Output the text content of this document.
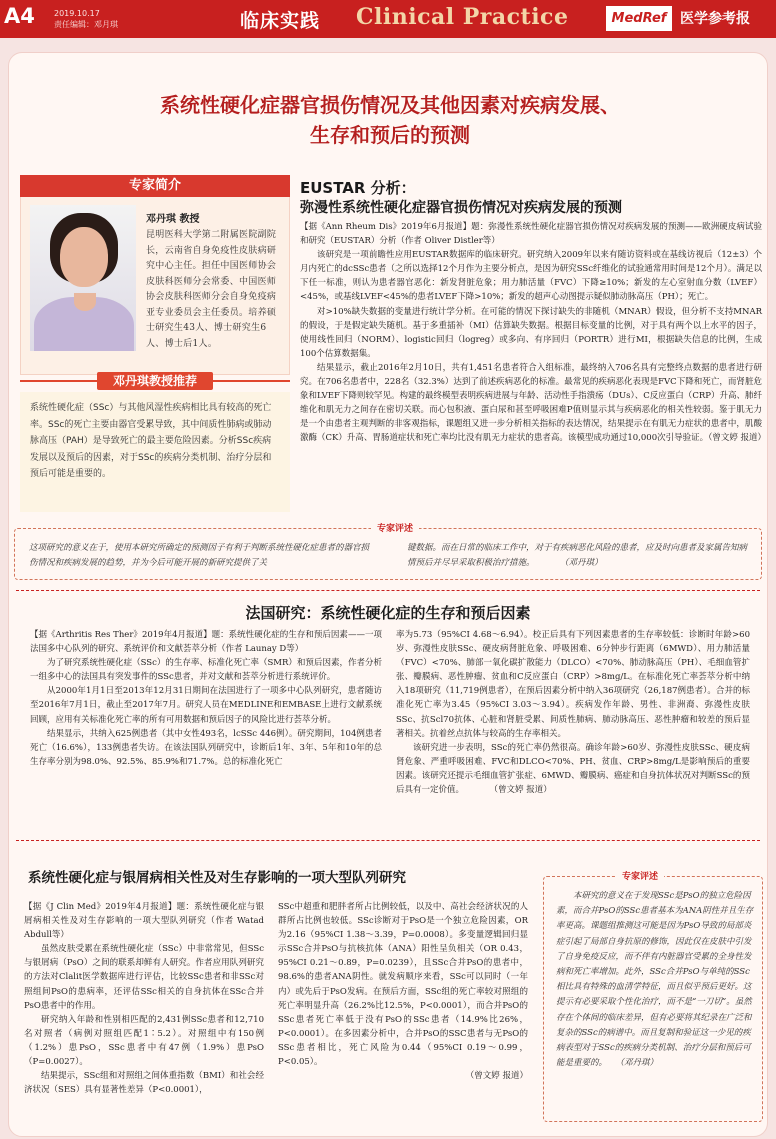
A4 2019.10.17
责任编辑：邓月琪	临床实践 Clinical Practice	MedRef 医学参考报
系统性硬化症器官损伤情况及其他因素对疾病发展、
生存和预后的预测
专家简介
邓丹琪 教授
昆明医科大学第二附属医院副院长，云南省自身免疫性皮肤病研究中心主任。担任中国医师协会皮肤科医师分会常委、中国医师协会皮肤科医师分会自身免疫病亚专业委员会主任委员。培养硕士研究生43人、博士研究生6人、博士后1人。
邓丹琪教授推荐
系统性硬化症（SSc）与其他风湿性疾病相比具有较高的死亡率。SSc的死亡主要由器官受累导致，其中间质性肺病或肺动脉高压（PAH）是导致死亡的最主要危险因素。分析SSc疾病发展以及预后的因素，对于SSc的疾病分类机制、治疗分层和预后可能是重要的。
EUSTAR 分析：
弥漫性系统性硬化症器官损伤情况对疾病发展的预测

【据《Ann Rheum Dis》2019年6月报道】题：弥漫性系统性硬化症器官损伤情况对疾病发展的预测——欧洲硬皮病试验和研究（EUSTAR）分析（作者 Oliver Distler等）

该研究是一项前瞻性应用EUSTAR数据库的临床研究。研究纳入2009年以来有随访资料或在基线访视后（12±3）个月内死亡的dcSSc患者（之所以选择12个月作为主要分析点，是因为研究SSc纤维化的试验通常用时间是12个月）。满足以下任一标准，则认为患者器官恶化：新发肾脏危象；用力肺活量（FVC）下降≥10%；新发的左心室射血分数（LVEF）<45%，或基线LVEF<45%的患者LVEF下降>10%；新发的超声心动图提示疑似肺动脉高压（PH）；死亡。

对>10%缺失数据的变量进行统计学分析。在可能的情况下探讨缺失的非随机（MNAR）假设，但分析不支持MNAR的假设，于是假定缺失随机。基于多重插补（MI）估算缺失数据。根据目标变量的比例，对于具有两个以上水平的因子，使用线性回归（NORM）、logistic回归（logreg）或多向、有序回归（PORTR）进行MI，根据缺失信息的比例，生成100个估算数据集。

结果显示，截止2016年2月10日，共有1,451名患者符合入组标准，最终纳入706名具有完整终点数据的患者进行研究。在706名患者中，228名（32.3%）达到了前述疾病恶化的标准。最常见的疾病恶化表现是FVC下降和死亡，而肾脏危象和LVEF下降则较罕见。构建的最终模型表明疾病进展与年龄、活动性手指溃疡（DUs）、C反应蛋白（CRP）升高、肺纤维化和肌无力之间存在密切关联。而心包积液、蛋白尿和甚至呼吸困难P值则显示其与疾病恶化的相关性较弱。鉴于肌无力是一个由患者主观判断的非客观指标，课题组又进一步分析相关指标的表达情况，结果提示在有肌无力症状的患者中，肌酸激酶（CK）升高、胃肠道症状和死亡率均比没有肌无力症状的患者高。该模型成功通过10,000次引导验证。（曾文婷 报道）

专家评述
这项研究的意义在于，使用本研究所确定的预测因子有利于判断系统性硬化症患者的器官损伤情况和疾病发展的趋势，并为今后可能开展的新研究提供了关
键数据。而在日常的临床工作中，对于有疾病恶化风险的患者，应及时向患者及家属告知病情预后并尽早采取积极治疗措施。　　　　（邓丹琪）
法国研究：系统性硬化症的生存和预后因素

【据《Arthritis Res Ther》2019年4月报道】题：系统性硬化症的生存和预后因素——一项法国多中心队列的研究、系统评价和文献荟萃分析（作者 Launay D等）

为了研究系统性硬化症（SSc）的生存率、标准化死亡率（SMR）和预后因素，作者分析一组多中心的法国具有突发事件的SSc患者，并对文献和荟萃分析进行系统评价。

从2000年1月1日至2013年12月31日期间在法国进行了一项多中心队列研究，患者随访至2016年7月1日，截止至2017年7月。研究人员在MEDLINE和EMBASE上进行文献系统回顾，应用有关标准化死亡率的所有可用数据和预后因子的风险比进行荟萃分析。

结果显示，共纳入625例患者（其中女性493名，lcSSc 446例）。研究期间，104例患者死亡（16.6%），133例患者失访。在该法国队列研究中，诊断后1年、3年、5年和10年的总生存率分别为98.0%、92.5%、85.9%和71.7%。总的标准化死亡

率为5.73（95%CI 4.68～6.94）。校正后具有下列因素患者的生存率较低：诊断时年龄>60岁、弥漫性皮肤SSc、硬皮病肾脏危象、呼吸困难、6分钟步行距离（6MWD）、用力肺活量（FVC）<70%、肺部一氧化碳扩散能力（DLCO）<70%、肺动脉高压（PH）、毛细血管扩张、瓣膜病、恶性肿瘤、贫血和C反应蛋白（CRP）>8mg/L。在标准化死亡率荟萃分析中纳入18项研究（11,719例患者），在预后因素分析中纳入36项研究（26,187例患者）。合并的标准化死亡率为3.45（95%CI 3.03～3.94）。疾病发作年龄、男性、非洲裔、弥漫性皮肤SSc、抗Scl70抗体、心脏和肾脏受累、间质性肺病、肺动脉高压、恶性肿瘤和较差的预后显著相关。抗着丝点抗体与较高的生存率相关。

该研究进一步表明，SSc的死亡率仍然很高。确诊年龄>60岁、弥漫性皮肤SSc、硬皮病肾危象、严重呼吸困难、FVC和DLCO<70%、PH、贫血、CRP>8mg/L是影响预后的重要因素。该研究还提示毛细血管扩张症、6MWD、瓣膜病、癌症和自身抗体状况对判断SSc的预后具有一定价值。　　　　（曾文婷 报道）

系统性硬化症与银屑病相关性及对生存影响的一项大型队列研究

【据《J Clin Med》2019年4月报道】题：系统性硬化症与银屑病相关性及对生存影响的一项大型队列研究（作者 Watad Abdull等）

虽然皮肤受累在系统性硬化症（SSc）中非常常见，但SSc与银屑病（PsO）之间的联系却鲜有人研究。作者应用队列研究的方法对Clalit医学数据库进行评估，比较SSc患者和非SSc对照组间PsO的患病率，还评估SSc相关的自身抗体在SSc合并PsO患者中的作用。

研究纳入年龄和性别相匹配的2,431例SSc患者和12,710名对照者（病例对照组匹配1∶5.2）。对照组中有150例（1.2%）患PsO，SSc患者中有47例（1.9%）患PsO（P=0.0027）。

结果提示，SSc组和对照组之间体重指数（BMI）和社会经济状况（SES）具有显著性差异（P<0.0001），

SSc中超重和肥胖者所占比例较低，以及中、高社会经济状况的人群所占比例也较低。SSc诊断对于PsO是一个独立危险因素，OR为2.16（95%CI 1.38～3.39，P=0.0008）。多变量逻辑回归显示SSc合并PsO与抗核抗体（ANA）阳性呈负相关（OR 0.43，95%CI 0.21～0.89，P=0.0239），且SSc合并PsO的患者中，98.6%的患者ANA阴性。就发病顺序来看，SSc可以同时（一年内）或先后于PsO发病。在预后方面，SSc组的死亡率较对照组的死亡率明显升高（26.2%比12.5%，P<0.0001），而合并PsO的SSc患者死亡率低于没有PsO的SSc患者（14.9%比26%，P<0.0001）。在多因素分析中，合并PsO的SSC患者与无PsO的SSc患者相比，死亡风险为0.44（95%CI 0.19～0.99，P<0.05）。

（曾文婷 报道）

专家评述
本研究的意义在于发现SSc是PsO的独立危险因素，而合并PsO的SSc患者基本为ANA阴性并且生存率更高。课题组推测这可能是因为PsO导致的局部炎症引起了局部自身抗原的修饰，因此仅在皮肤中引发了自身免疫反应，而不伴有内脏器官受累的全身性发病和死亡率增加。此外，SSc合并PsO与单纯的SSc相比具有特殊的血清学特征，而且似乎预后更好。这提示有必要采取个性化治疗，而不是“一刀切”。虽然存在个体间的临床差异，但有必要将其纪录在广泛和复杂的SSc的病谱中。而且复制和验证这一少见的疾病表型对于SSc的疾病分类机制、治疗分层和预后可能是重要的。　　（邓丹琪）
